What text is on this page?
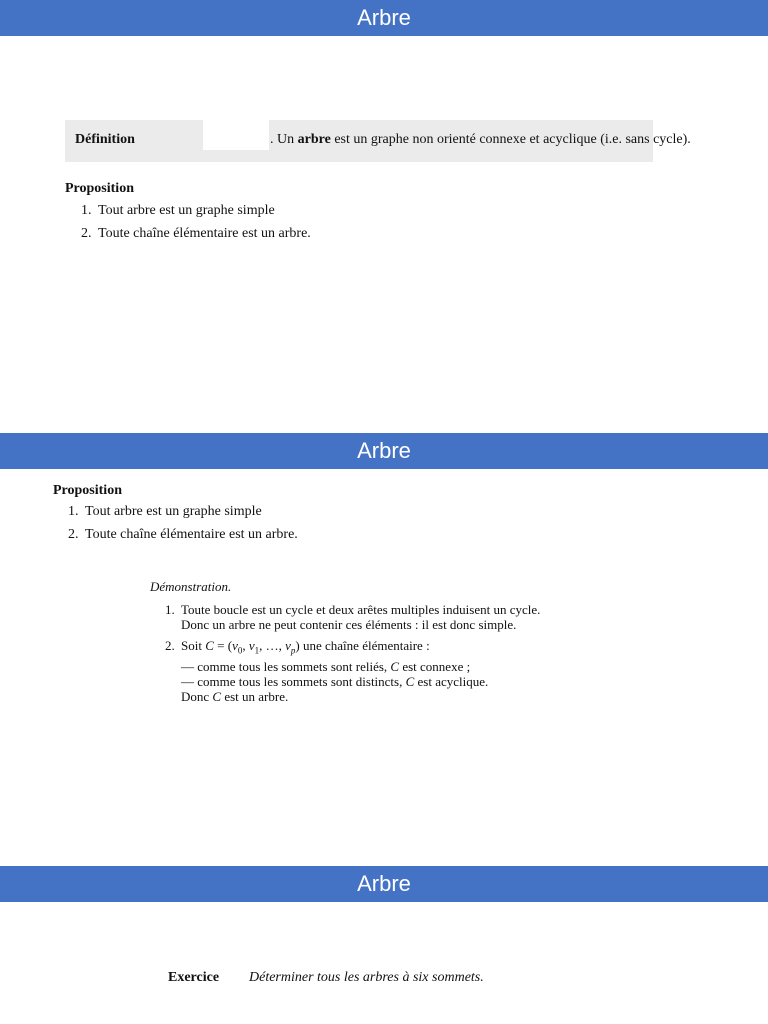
Arbre
Définition	. Un arbre est un graphe non orienté connexe et acyclique (i.e. sans cycle).
Proposition
1. Tout arbre est un graphe simple
2. Toute chaîne élémentaire est un arbre.
Arbre
Proposition
1. Tout arbre est un graphe simple
2. Toute chaîne élémentaire est un arbre.
Démonstration.
1. Toute boucle est un cycle et deux arêtes multiples induisent un cycle.
Donc un arbre ne peut contenir ces éléments : il est donc simple.
2. Soit $C = (v_0$, $v_1$, …, $v_p$) une chaîne élémentaire :
— comme tous les sommets sont reliés, C est connexe ;
— comme tous les sommets sont distincts, C est acyclique.
Donc C est un arbre.
Arbre
Exercice Déterminer tous les arbres à six sommets.
